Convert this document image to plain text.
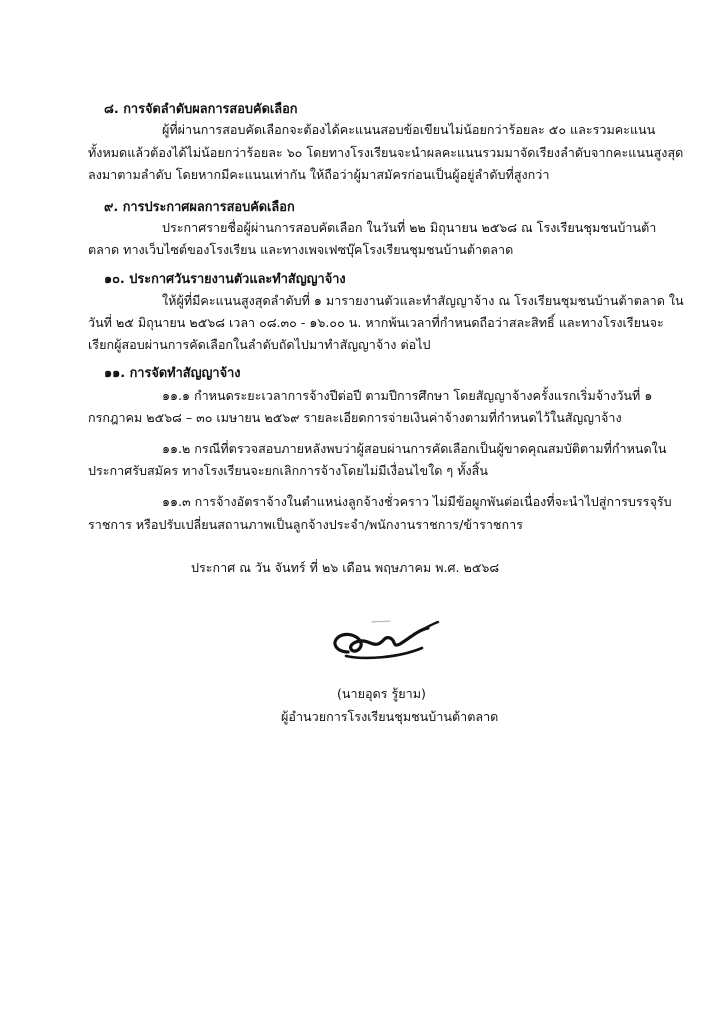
๘. การจัดลำดับผลการสอบคัดเลือก
ผู้ที่ผ่านการสอบคัดเลือกจะต้องได้คะแนนสอบข้อเขียนไม่น้อยกว่าร้อยละ ๕๐ และรวมคะแนน
ทั้งหมดแล้วต้องได้ไม่น้อยกว่าร้อยละ ๖๐ โดยทางโรงเรียนจะนำผลคะแนนรวมมาจัดเรียงลำดับจากคะแนนสูงสุด
ลงมาตามลำดับ โดยหากมีคะแนนเท่ากัน ให้ถือว่าผู้มาสมัครก่อนเป็นผู้อยู่ลำดับที่สูงกว่า
๙. การประกาศผลการสอบคัดเลือก
ประกาศรายชื่อผู้ผ่านการสอบคัดเลือก ในวันที่ ๒๒ มิถุนายน ๒๕๖๘ ณ โรงเรียนชุมชนบ้านต้า
ตลาด ทางเว็บไซต์ของโรงเรียน และทางเพจเฟซบุ๊คโรงเรียนชุมชนบ้านต้าตลาด
๑๐. ประกาศวันรายงานตัวและทำสัญญาจ้าง
ให้ผู้ที่มีคะแนนสูงสุดลำดับที่ ๑ มารายงานตัวและทำสัญญาจ้าง ณ โรงเรียนชุมชนบ้านต้าตลาด ใน
วันที่ ๒๕ มิถุนายน ๒๕๖๘ เวลา ๐๘.๓๐ - ๑๖.๐๐ น. หากพ้นเวลาที่กำหนดถือว่าสละสิทธิ์ และทางโรงเรียนจะ
เรียกผู้สอบผ่านการคัดเลือกในลำดับถัดไปมาทำสัญญาจ้าง ต่อไป
๑๑. การจัดทำสัญญาจ้าง
๑๑.๑ กำหนดระยะเวลาการจ้างปีต่อปี ตามปีการศึกษา โดยสัญญาจ้างครั้งแรกเริ่มจ้างวันที่ ๑
กรกฎาคม ๒๕๖๘ – ๓๐ เมษายน ๒๕๖๙ รายละเอียดการจ่ายเงินค่าจ้างตามที่กำหนดไว้ในสัญญาจ้าง
๑๑.๒ กรณีที่ตรวจสอบภายหลังพบว่าผู้สอบผ่านการคัดเลือกเป็นผู้ขาดคุณสมบัติตามที่กำหนดใน
ประกาศรับสมัคร ทางโรงเรียนจะยกเลิกการจ้างโดยไม่มีเงื่อนไขใด ๆ ทั้งสิ้น
๑๑.๓ การจ้างอัตราจ้างในตำแหน่งลูกจ้างชั่วคราว ไม่มีข้อผูกพันต่อเนื่องที่จะนำไปสู่การบรรจุรับ
ราชการ หรือปรับเปลี่ยนสถานภาพเป็นลูกจ้างประจำ/พนักงานราชการ/ข้าราชการ
ประกาศ ณ วัน จันทร์ ที่ ๒๖ เดือน พฤษภาคม พ.ศ. ๒๕๖๘
(นายอุดร รู้ยาม)
ผู้อำนวยการโรงเรียนชุมชนบ้านต้าตลาด
